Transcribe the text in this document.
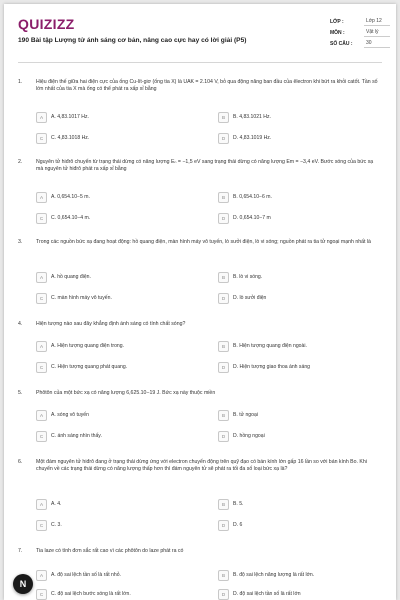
QUIZIZZ
190 Bài tập Lượng tử ánh sáng cơ bản, nâng cao cực hay có lời giải (P5)
LỚP :	Lớp 12
MÔN :	Vật lý
SỐ CÂU :	30
1.	Hiệu điện thế giữa hai điện cực của ống Cu-lít-giơ (ống tia X) là UAK = 2.104 V, bỏ qua động năng ban đầu của êlectron khi bứt ra khỏi catốt. Tần số lớn nhất của tia X mà ống có thể phát ra xấp xỉ bằng
A	A. 4,83.1017 Hz.	B	B. 4,83.1021 Hz.
C	C. 4,83.1018 Hz.	D	D. 4,83.1019 Hz.
2.	Nguyên tử hiđrô chuyển từ trạng thái dừng có năng lượng Eₙ = −1,5 eV sang trạng thái dừng có năng lượng Em = −3,4 eV. Bước sóng của bức xạ mà nguyên tử hiđrô phát ra xấp xỉ bằng
A	A. 0,654.10−5 m.	B	B. 0,654.10−6 m.
C	C. 0,654.10−4 m.	D	D. 0,654.10−7 m
3.	Trong các nguồn bức xạ đang hoạt động: hồ quang điện, màn hình máy vô tuyến, lò sưởi điện, lò vi sóng; nguồn phát ra tia tử ngoại mạnh nhất là
A	A. hồ quang điện.	B	B. lò vi sóng.
C	C. màn hình máy vô tuyến.	D	D. lò sưởi điện
4.	Hiện tượng nào sau đây khẳng định ánh sáng có tính chất sóng?
A	A. Hiện tượng quang điện trong.	B	B. Hiện tượng quang điện ngoài.
C	C. Hiện tượng quang phát quang.	D	D. Hiện tượng giao thoa ánh sáng
5.	Phôtôn của một bức xạ có năng lượng 6,625.10−19 J. Bức xạ này thuộc miền
A	A. sóng vô tuyến	B	B. tử ngoại
C	C. ánh sáng nhìn thấy.	D	D. hồng ngoại
6.	Một đám nguyên tử hiđrô đang ở trạng thái dừng ứng với electron chuyển động trên quỹ đạo có bán kính lớn gấp 16 lần so với bán kính Bo. Khi chuyển về các trạng thái dừng có năng lượng thấp hơn thì đám nguyên tử sẽ phát ra tối đa số loại bức xạ là?
A	A. 4.	B	B. 5.
C	C. 3.	D	D. 6
7.	Tia laze có tính đơn sắc rất cao vì các phôtôn do laze phát ra có
A	A. độ sai lệch tần số là rất nhỏ.	B	B. độ sai lệch năng lượng là rất lớn.
C	C. độ sai lệch bước sóng là rất lớn.	D	D. độ sai lệch tần số là rất lớn
N
